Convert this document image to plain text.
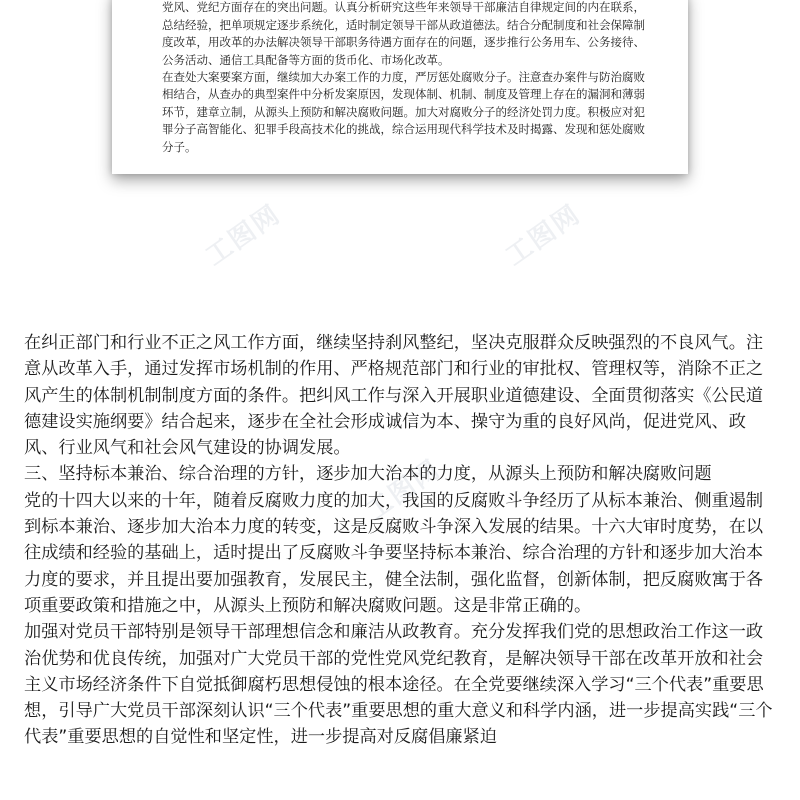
党风、党纪方面存在的突出问题。认真分析研究这些年来领导干部廉洁自律规定间的内在联系，总结经验，把单项规定逐步系统化，适时制定领导干部从政道德法。结合分配制度和社会保障制度改革，用改革的办法解决领导干部职务待遇方面存在的问题，逐步推行公务用车、公务接待、公务活动、通信工具配备等方面的货币化、市场化改革。

在查处大案要案方面，继续加大办案工作的力度，严厉惩处腐败分子。注意查办案件与防治腐败相结合，从查办的典型案件中分析发案原因，发现体制、机制、制度及管理上存在的漏洞和薄弱环节，建章立制，从源头上预防和解决腐败问题。加大对腐败分子的经济处罚力度。积极应对犯罪分子高智能化、犯罪手段高技术化的挑战，综合运用现代科学技术及时揭露、发现和惩处腐败分子。

工图网	工图网
工图网

在纠正部门和行业不正之风工作方面，继续坚持刹风整纪，坚决克服群众反映强烈的不良风气。注意从改革入手，通过发挥市场机制的作用、严格规范部门和行业的审批权、管理权等，消除不正之风产生的体制机制制度方面的条件。把纠风工作与深入开展职业道德建设、全面贯彻落实《公民道德建设实施纲要》结合起来，逐步在全社会形成诚信为本、操守为重的良好风尚，促进党风、政风、行业风气和社会风气建设的协调发展。

三、坚持标本兼治、综合治理的方针，逐步加大治本的力度，从源头上预防和解决腐败问题

党的十四大以来的十年，随着反腐败力度的加大，我国的反腐败斗争经历了从标本兼治、侧重遏制到标本兼治、逐步加大治本力度的转变，这是反腐败斗争深入发展的结果。十六大审时度势，在以往成绩和经验的基础上，适时提出了反腐败斗争要坚持标本兼治、综合治理的方针和逐步加大治本力度的要求，并且提出要加强教育，发展民主，健全法制，强化监督，创新体制，把反腐败寓于各项重要政策和措施之中，从源头上预防和解决腐败问题。这是非常正确的。

加强对党员干部特别是领导干部理想信念和廉洁从政教育。充分发挥我们党的思想政治工作这一政治优势和优良传统，加强对广大党员干部的党性党风党纪教育，是解决领导干部在改革开放和社会主义市场经济条件下自觉抵御腐朽思想侵蚀的根本途径。在全党要继续深入学习“三个代表”重要思想，引导广大党员干部深刻认识“三个代表”重要思想的重大意义和科学内涵，进一步提高实践“三个代表”重要思想的自觉性和坚定性，进一步提高对反腐倡廉紧迫
